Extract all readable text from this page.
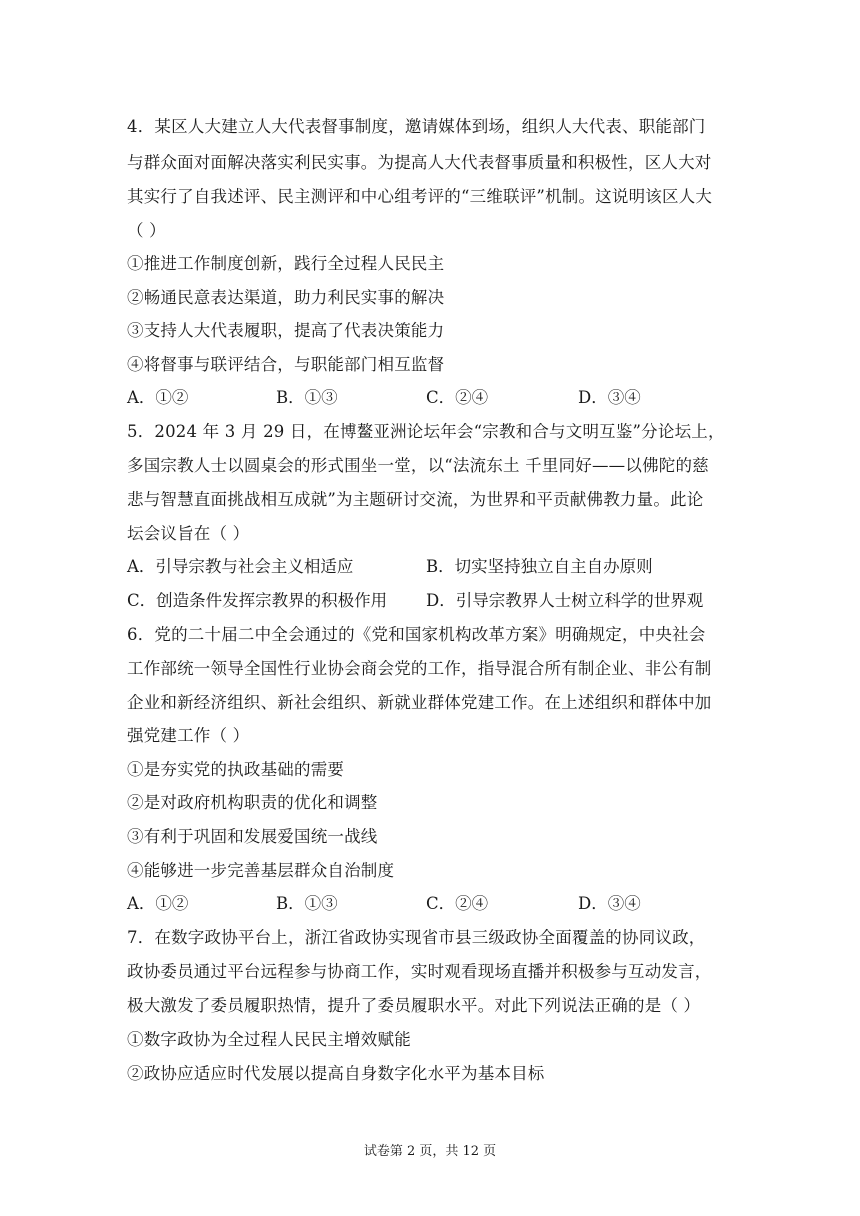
4．某区人大建立人大代表督事制度，邀请媒体到场，组织人大代表、职能部门
与群众面对面解决落实利民实事。为提高人大代表督事质量和积极性，区人大对
其实行了自我述评、民主测评和中心组考评的“三维联评”机制。这说明该区人大
（ ）
①推进工作制度创新，践行全过程人民民主
②畅通民意表达渠道，助力利民实事的解决
③支持人大代表履职，提高了代表决策能力
④将督事与联评结合，与职能部门相互监督
A．①②	B．①③	C．②④	D．③④
5．2024 年 3 月 29 日，在博鳌亚洲论坛年会“宗教和合与文明互鉴”分论坛上，
多国宗教人士以圆桌会的形式围坐一堂，以“法流东土 千里同好——以佛陀的慈
悲与智慧直面挑战相互成就”为主题研讨交流，为世界和平贡献佛教力量。此论
坛会议旨在（ ）
A．引导宗教与社会主义相适应	B．切实坚持独立自主自办原则
C．创造条件发挥宗教界的积极作用 D．引导宗教界人士树立科学的世界观
6．党的二十届二中全会通过的《党和国家机构改革方案》明确规定，中央社会
工作部统一领导全国性行业协会商会党的工作，指导混合所有制企业、非公有制
企业和新经济组织、新社会组织、新就业群体党建工作。在上述组织和群体中加
强党建工作（ ）
①是夯实党的执政基础的需要
②是对政府机构职责的优化和调整
③有利于巩固和发展爱国统一战线
④能够进一步完善基层群众自治制度
A．①②	B．①③	C．②④	D．③④
7．在数字政协平台上，浙江省政协实现省市县三级政协全面覆盖的协同议政，
政协委员通过平台远程参与协商工作，实时观看现场直播并积极参与互动发言，
极大激发了委员履职热情，提升了委员履职水平。对此下列说法正确的是（ ）
①数字政协为全过程人民民主增效赋能
②政协应适应时代发展以提高自身数字化水平为基本目标
试卷第 2 页，共 12 页
